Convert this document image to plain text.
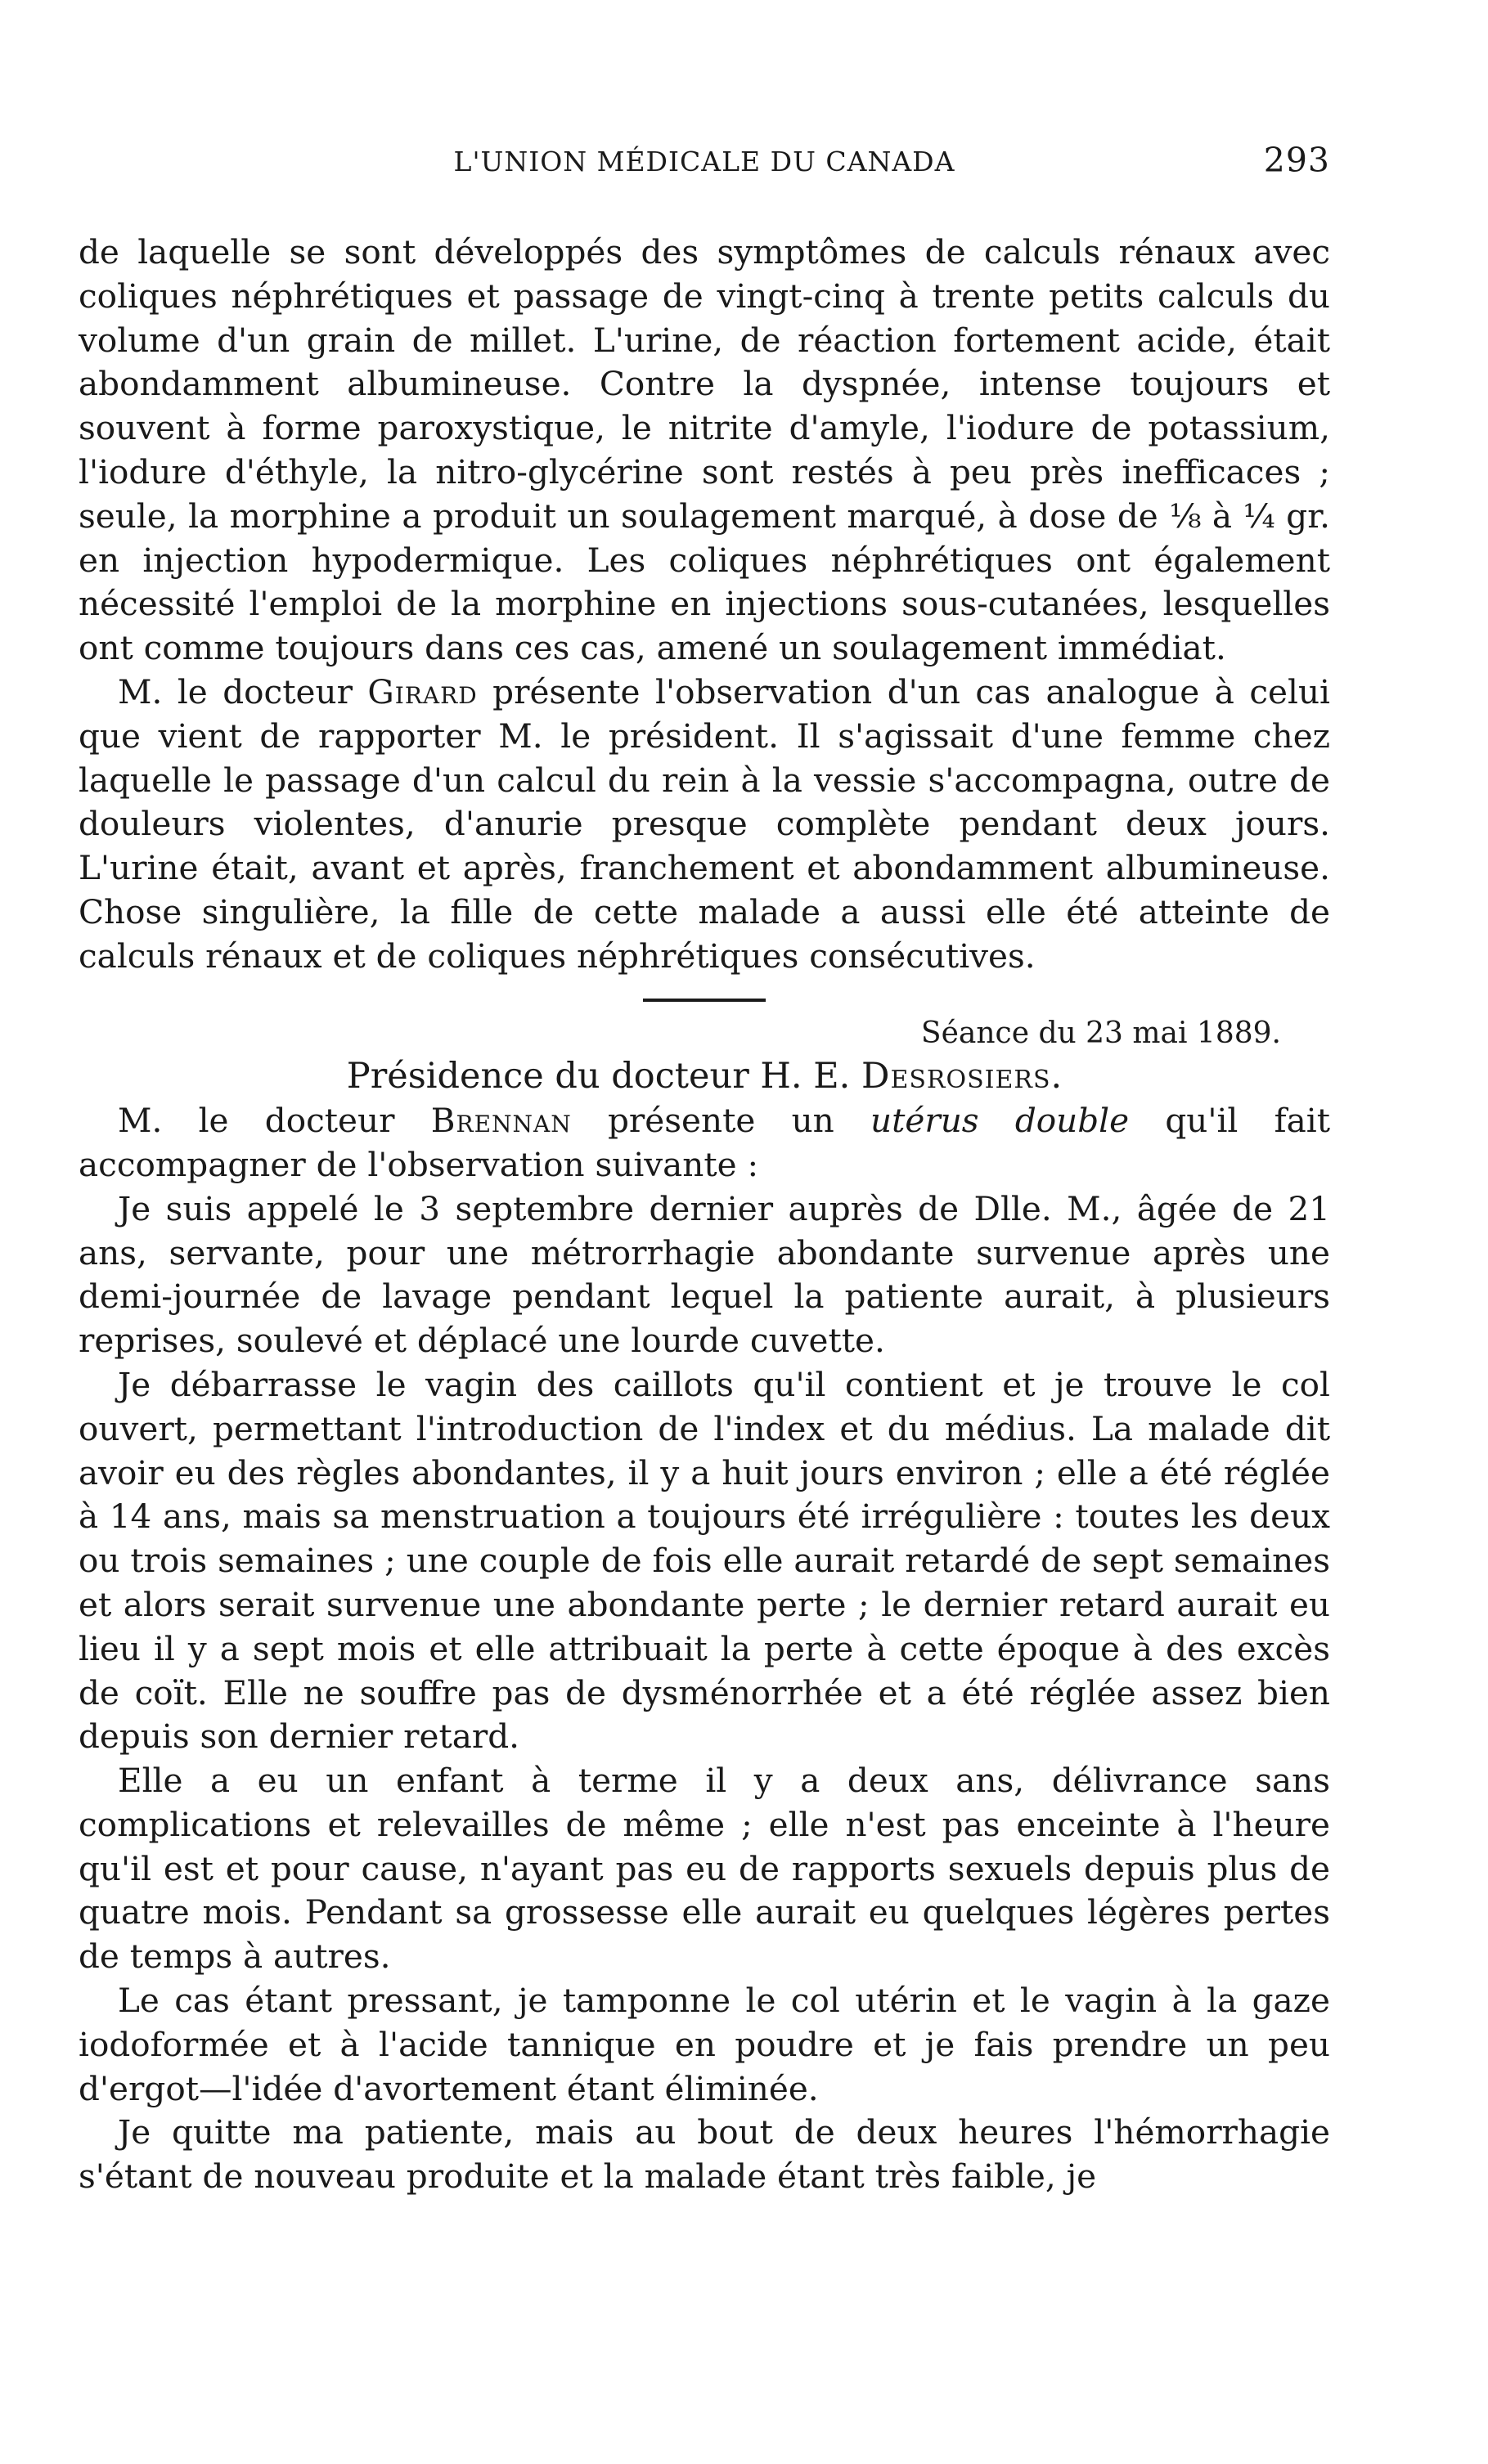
L'UNION MÉDICALE DU CANADA	293

de laquelle se sont développés des symptômes de calculs rénaux avec coliques néphrétiques et passage de vingt-cinq à trente petits calculs du volume d'un grain de millet. L'urine, de réaction fortement acide, était abondamment albumineuse. Contre la dyspnée, intense toujours et souvent à forme paroxystique, le nitrite d'amyle, l'iodure de potassium, l'iodure d'éthyle, la nitro-glycérine sont restés à peu près inefficaces ; seule, la morphine a produit un soulagement marqué, à dose de ⅛ à ¼ gr. en injection hypodermique. Les coliques néphrétiques ont également nécessité l'emploi de la morphine en injections sous-cutanées, lesquelles ont comme toujours dans ces cas, amené un soulagement immédiat.

M. le docteur Girard présente l'observation d'un cas analogue à celui que vient de rapporter M. le président. Il s'agissait d'une femme chez laquelle le passage d'un calcul du rein à la vessie s'accompagna, outre de douleurs violentes, d'anurie presque complète pendant deux jours. L'urine était, avant et après, franchement et abondamment albumineuse. Chose singulière, la fille de cette malade a aussi elle été atteinte de calculs rénaux et de coliques néphrétiques consécutives.

Séance du 23 mai 1889.

Présidence du docteur H. E. Desrosiers.

M. le docteur Brennan présente un utérus double qu'il fait accompagner de l'observation suivante :

Je suis appelé le 3 septembre dernier auprès de Dlle. M., âgée de 21 ans, servante, pour une métrorrhagie abondante survenue après une demi-journée de lavage pendant lequel la patiente aurait, à plusieurs reprises, soulevé et déplacé une lourde cuvette.

Je débarrasse le vagin des caillots qu'il contient et je trouve le col ouvert, permettant l'introduction de l'index et du médius. La malade dit avoir eu des règles abondantes, il y a huit jours environ ; elle a été réglée à 14 ans, mais sa menstruation a toujours été irrégulière : toutes les deux ou trois semaines ; une couple de fois elle aurait retardé de sept semaines et alors serait survenue une abondante perte ; le dernier retard aurait eu lieu il y a sept mois et elle attribuait la perte à cette époque à des excès de coït. Elle ne souffre pas de dysménorrhée et a été réglée assez bien depuis son dernier retard.

Elle a eu un enfant à terme il y a deux ans, délivrance sans complications et relevailles de même ; elle n'est pas enceinte à l'heure qu'il est et pour cause, n'ayant pas eu de rapports sexuels depuis plus de quatre mois. Pendant sa grossesse elle aurait eu quelques légères pertes de temps à autres.

Le cas étant pressant, je tamponne le col utérin et le vagin à la gaze iodoformée et à l'acide tannique en poudre et je fais prendre un peu d'ergot—l'idée d'avortement étant éliminée.

Je quitte ma patiente, mais au bout de deux heures l'hémorrhagie s'étant de nouveau produite et la malade étant très faible, je
